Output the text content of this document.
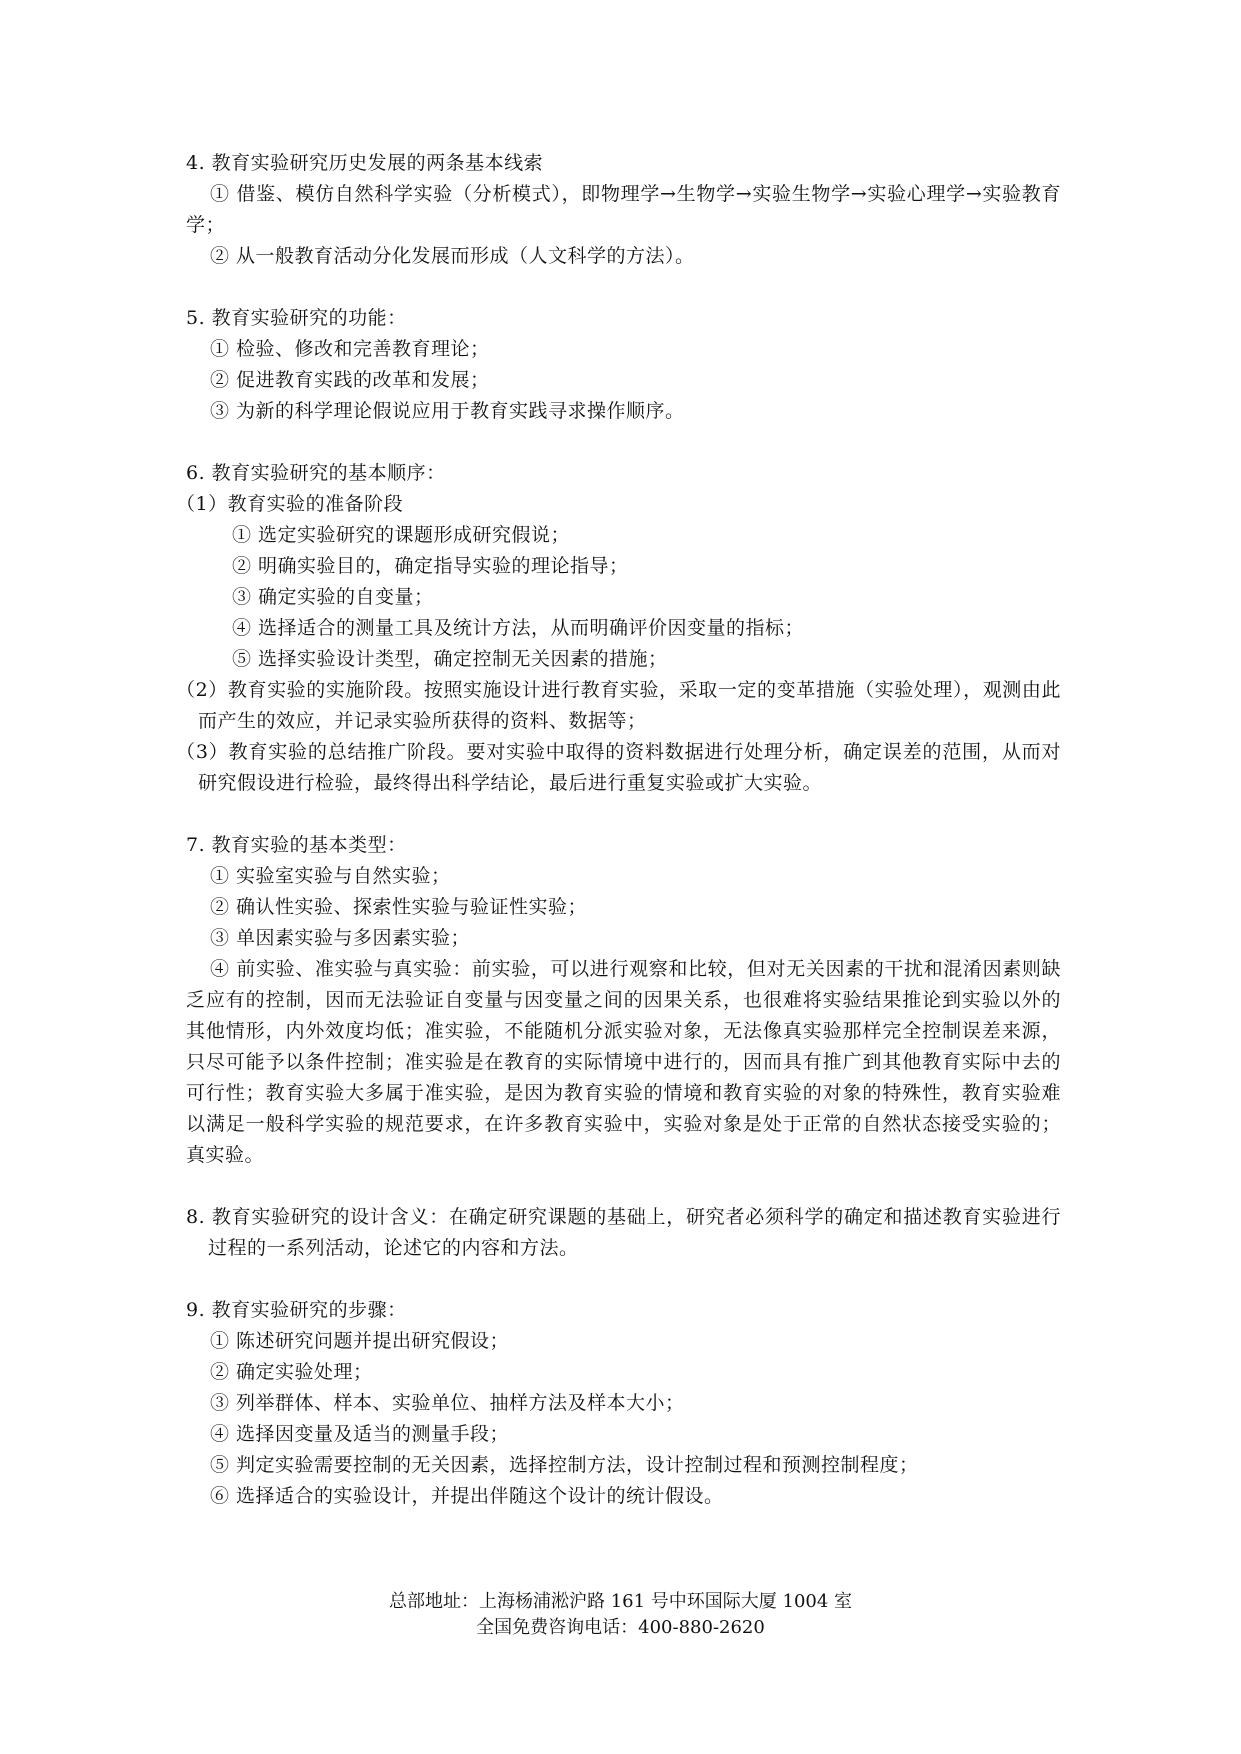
4. 教育实验研究历史发展的两条基本线索
① 借鉴、模仿自然科学实验（分析模式），即物理学→生物学→实验生物学→实验心理学→实验教育学；
② 从一般教育活动分化发展而形成（人文科学的方法）。
5. 教育实验研究的功能：
① 检验、修改和完善教育理论；
② 促进教育实践的改革和发展；
③ 为新的科学理论假说应用于教育实践寻求操作顺序。
6. 教育实验研究的基本顺序：
（1）教育实验的准备阶段
① 选定实验研究的课题形成研究假说；
② 明确实验目的，确定指导实验的理论指导；
③ 确定实验的自变量；
④ 选择适合的测量工具及统计方法，从而明确评价因变量的指标；
⑤ 选择实验设计类型，确定控制无关因素的措施；
（2）教育实验的实施阶段。按照实施设计进行教育实验，采取一定的变革措施（实验处理），观测由此而产生的效应，并记录实验所获得的资料、数据等；
（3）教育实验的总结推广阶段。要对实验中取得的资料数据进行处理分析，确定误差的范围，从而对研究假设进行检验，最终得出科学结论，最后进行重复实验或扩大实验。
7. 教育实验的基本类型：
① 实验室实验与自然实验；
② 确认性实验、探索性实验与验证性实验；
③ 单因素实验与多因素实验；
④ 前实验、准实验与真实验：前实验，可以进行观察和比较，但对无关因素的干扰和混淆因素则缺乏应有的控制，因而无法验证自变量与因变量之间的因果关系，也很难将实验结果推论到实验以外的其他情形，内外效度均低；准实验，不能随机分派实验对象，无法像真实验那样完全控制误差来源，只尽可能予以条件控制；准实验是在教育的实际情境中进行的，因而具有推广到其他教育实际中去的可行性；教育实验大多属于准实验，是因为教育实验的情境和教育实验的对象的特殊性，教育实验难以满足一般科学实验的规范要求，在许多教育实验中，实验对象是处于正常的自然状态接受实验的；真实验。
8. 教育实验研究的设计含义：在确定研究课题的基础上，研究者必须科学的确定和描述教育实验进行过程的一系列活动，论述它的内容和方法。
9. 教育实验研究的步骤：
① 陈述研究问题并提出研究假设；
② 确定实验处理；
③ 列举群体、样本、实验单位、抽样方法及样本大小；
④ 选择因变量及适当的测量手段；
⑤ 判定实验需要控制的无关因素，选择控制方法，设计控制过程和预测控制程度；
⑥ 选择适合的实验设计，并提出伴随这个设计的统计假设。
总部地址：上海杨浦淞沪路 161 号中环国际大厦 1004 室
全国免费咨询电话：400-880-2620
